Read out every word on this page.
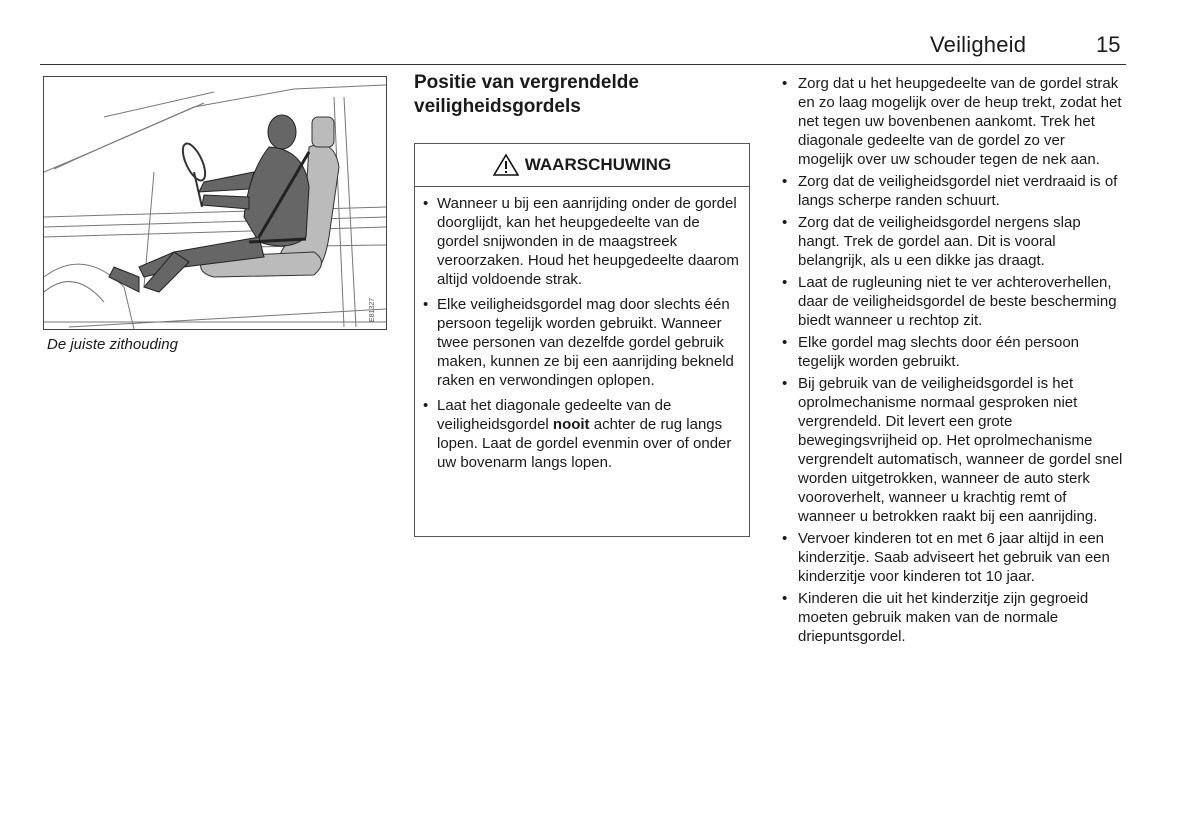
Veiligheid	15
E81327
De juiste zithouding
Positie van vergrendelde
veiligheidsgordels
WAARSCHUWING
• Wanneer u bij een aanrijding onder de gordel doorglijdt, kan het heupgedeelte van de gordel snijwonden in de maagstreek veroorzaken. Houd het heupgedeelte daarom altijd voldoende strak.
• Elke veiligheidsgordel mag door slechts één persoon tegelijk worden gebruikt. Wanneer twee personen van dezelfde gordel gebruik maken, kunnen ze bij een aanrijding bekneld raken en verwondingen oplopen.
• Laat het diagonale gedeelte van de veiligheidsgordel nooit achter de rug langs lopen. Laat de gordel evenmin over of onder uw bovenarm langs lopen.
• Zorg dat u het heupgedeelte van de gordel strak en zo laag mogelijk over de heup trekt, zodat het net tegen uw bovenbenen aankomt. Trek het diagonale gedeelte van de gordel zo ver mogelijk over uw schouder tegen de nek aan.
• Zorg dat de veiligheidsgordel niet verdraaid is of langs scherpe randen schuurt.
• Zorg dat de veiligheidsgordel nergens slap hangt. Trek de gordel aan. Dit is vooral belangrijk, als u een dikke jas draagt.
• Laat de rugleuning niet te ver achteroverhellen, daar de veiligheidsgordel de beste bescherming biedt wanneer u rechtop zit.
• Elke gordel mag slechts door één persoon tegelijk worden gebruikt.
• Bij gebruik van de veiligheidsgordel is het oprolmechanisme normaal gesproken niet vergrendeld. Dit levert een grote bewegingsvrijheid op. Het oprolmechanisme vergrendelt automatisch, wanneer de gordel snel worden uitgetrokken, wanneer de auto sterk vooroverhelt, wanneer u krachtig remt of wanneer u betrokken raakt bij een aanrijding.
• Vervoer kinderen tot en met 6 jaar altijd in een kinderzitje. Saab adviseert het gebruik van een kinderzitje voor kinderen tot 10 jaar.
• Kinderen die uit het kinderzitje zijn gegroeid moeten gebruik maken van de normale driepuntsgordel.
